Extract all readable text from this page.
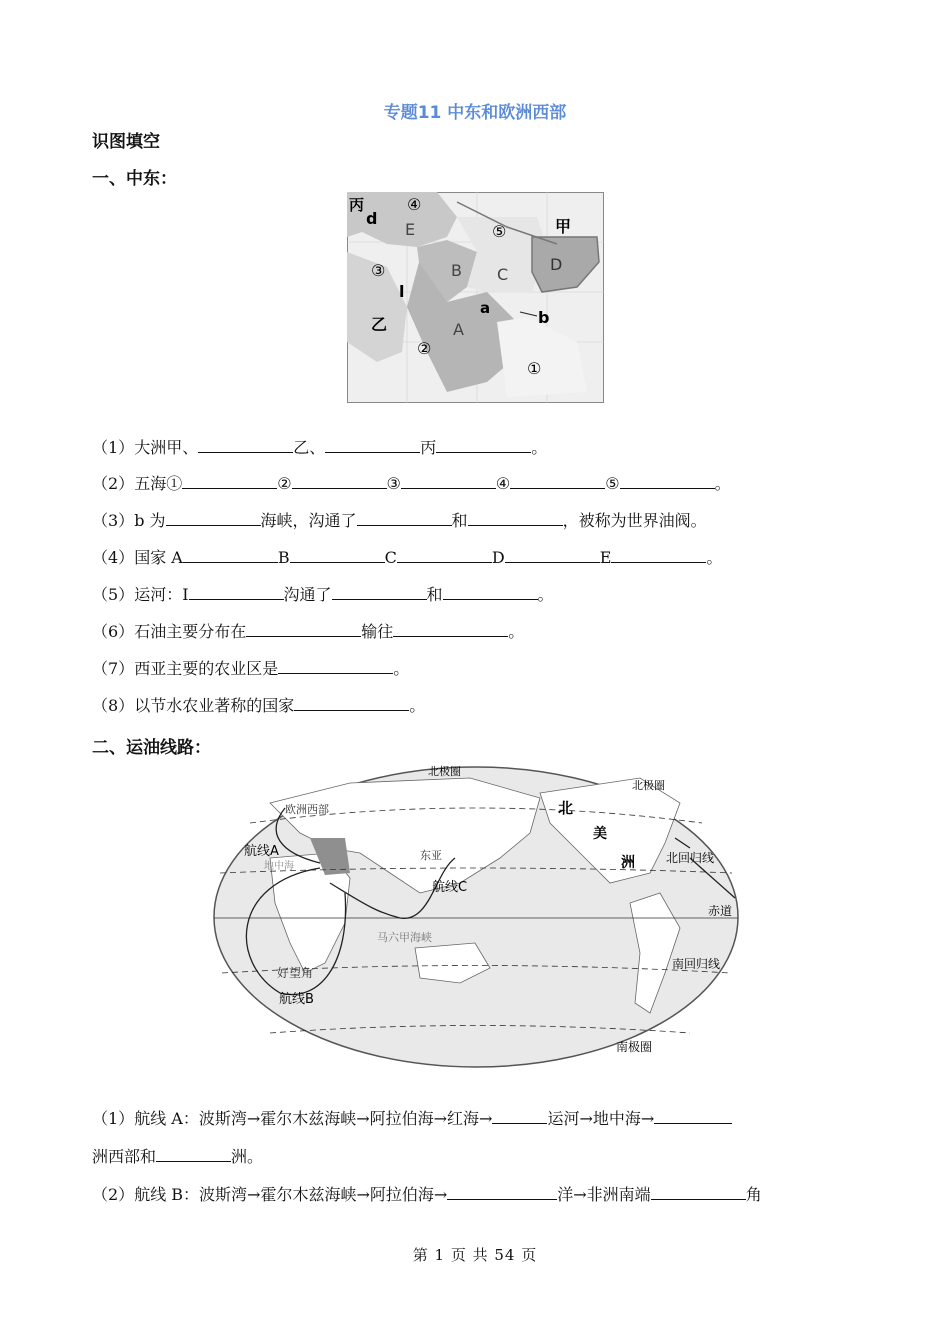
专题11 中东和欧洲西部
识图填空
一、中东：
丙
d
④
E	⑤	甲
③	B C
D
l
a	b
乙	A
②
①
（1）大洲甲、	乙、	丙	。
（2）五海①	②	③	④	⑤	。
（3）b 为	海峡，沟通了	和	，被称为世界油阀。
（4）国家 A	B	C	D	E	。
（5）运河：I	沟通了	和	。
（6）石油主要分布在	输往	。
（7）西亚主要的农业区是	。
（8）以节水农业著称的国家	。
二、运油线路：
北极圈
北极圈
欧洲西部
航线A
地中海
东亚
航线C
马六甲海峡
好望角
航线B
北
美
洲	北回归线
赤道
南回归线
南极圈
（1）航线 A：波斯湾→霍尔木兹海峡→阿拉伯海→红海→	运河→地中海→
洲西部和	洲。
（2）航线 B：波斯湾→霍尔木兹海峡→阿拉伯海→	洋→非洲南端	角
第 1 页 共 54 页
